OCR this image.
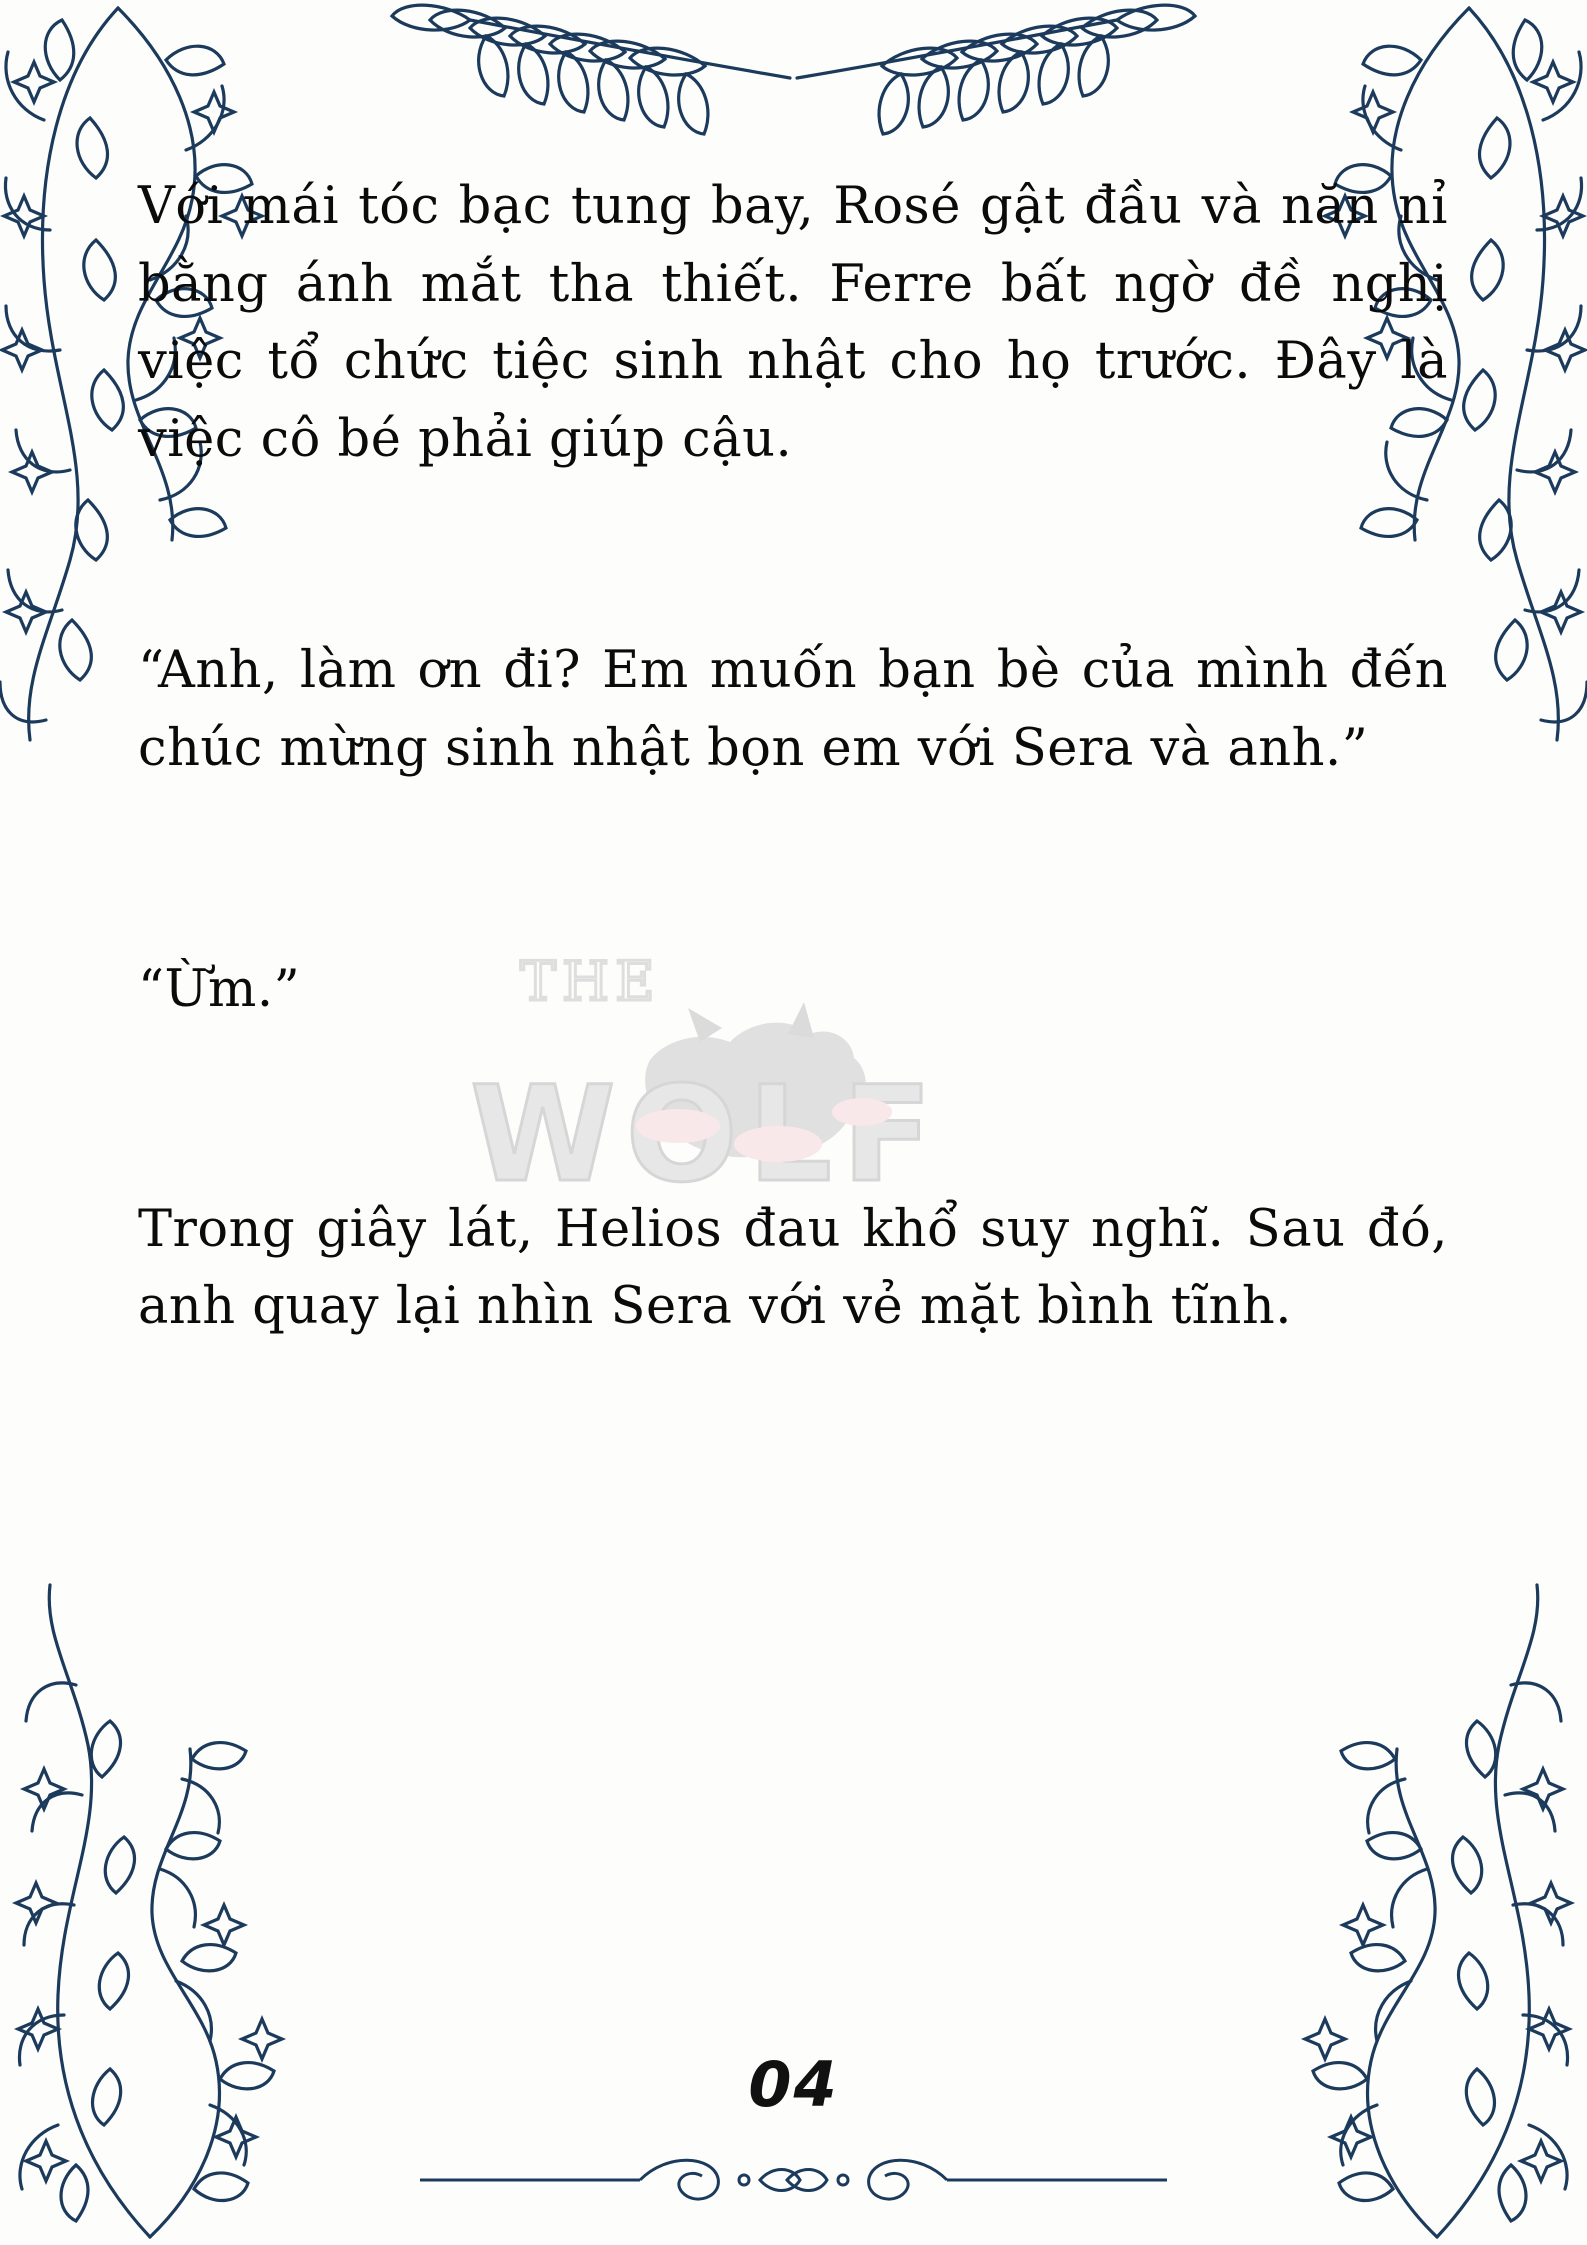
THE
WOLF

Với mái tóc bạc tung bay, Rosé gật đầu và năn nỉ bằng ánh mắt tha thiết. Ferre bất ngờ đề nghị việc tổ chức tiệc sinh nhật cho họ trước. Đây là việc cô bé phải giúp cậu.

“Anh, làm ơn đi? Em muốn bạn bè của mình đến chúc mừng sinh nhật bọn em với Sera và anh.”

“Ừm.”

Trong giây lát, Helios đau khổ suy nghĩ. Sau đó, anh quay lại nhìn Sera với vẻ mặt bình tĩnh.

04
